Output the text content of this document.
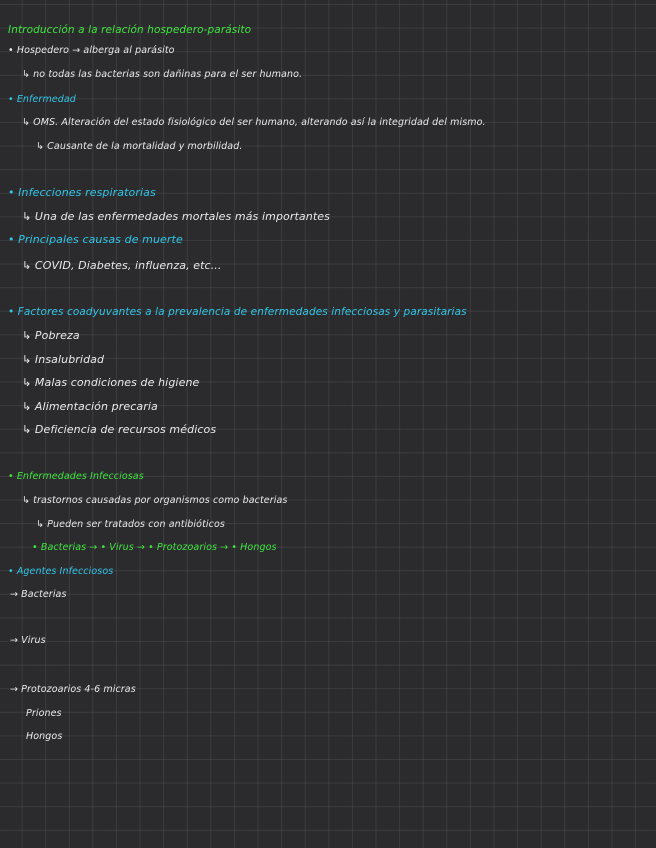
Introducción a la relación hospedero-parásito
• Hospedero → alberga al parásito
↳ no todas las bacterias son dañinas para el ser humano.
• Enfermedad
↳ OMS. Alteración del estado fisiológico del ser humano, alterando así la integridad del mismo.
↳ Causante de la mortalidad y morbilidad.
• Infecciones respiratorias
↳ Una de las enfermedades mortales más importantes
• Principales causas de muerte
↳ COVID, Diabetes, influenza, etc...
• Factores coadyuvantes a la prevalencia de enfermedades infecciosas y parasitarias
↳ Pobreza
↳ Insalubridad
↳ Malas condiciones de higiene
↳ Alimentación precaria
↳ Deficiencia de recursos médicos
• Enfermedades Infecciosas
↳ trastornos causadas por organismos como bacterias
↳ Pueden ser tratados con antibióticos
• Bacterias → • Virus → • Protozoarios → • Hongos
• Agentes Infecciosos
→ Bacterias
→ Virus
→ Protozoarios 4-6 micras
Priones
Hongos
